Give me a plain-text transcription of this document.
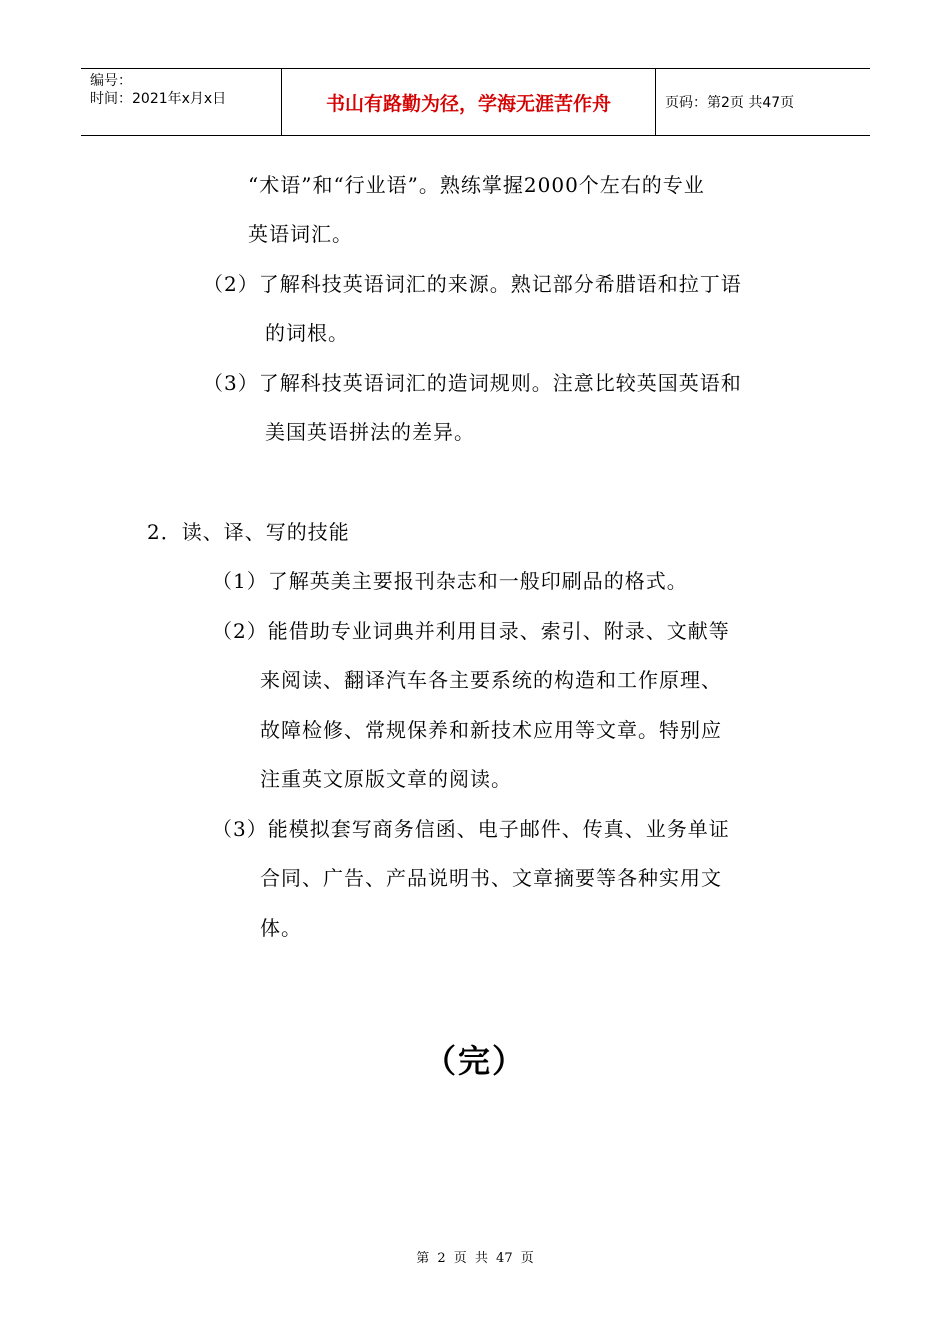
编号：
时间：2021年x月x日	书山有路勤为径，学海无涯苦作舟	页码：第2页 共47页
“术语”和“行业语”。熟练掌握2000个左右的专业
英语词汇。
（2）了解科技英语词汇的来源。熟记部分希腊语和拉丁语
的词根。
（3）了解科技英语词汇的造词规则。注意比较英国英语和
美国英语拼法的差异。
2．读、译、写的技能
（1）了解英美主要报刊杂志和一般印刷品的格式。
（2）能借助专业词典并利用目录、索引、附录、文献等
来阅读、翻译汽车各主要系统的构造和工作原理、
故障检修、常规保养和新技术应用等文章。特别应
注重英文原版文章的阅读。
（3）能模拟套写商务信函、电子邮件、传真、业务单证
合同、广告、产品说明书、文章摘要等各种实用文
体。
（完）
第 2 页 共 47 页
